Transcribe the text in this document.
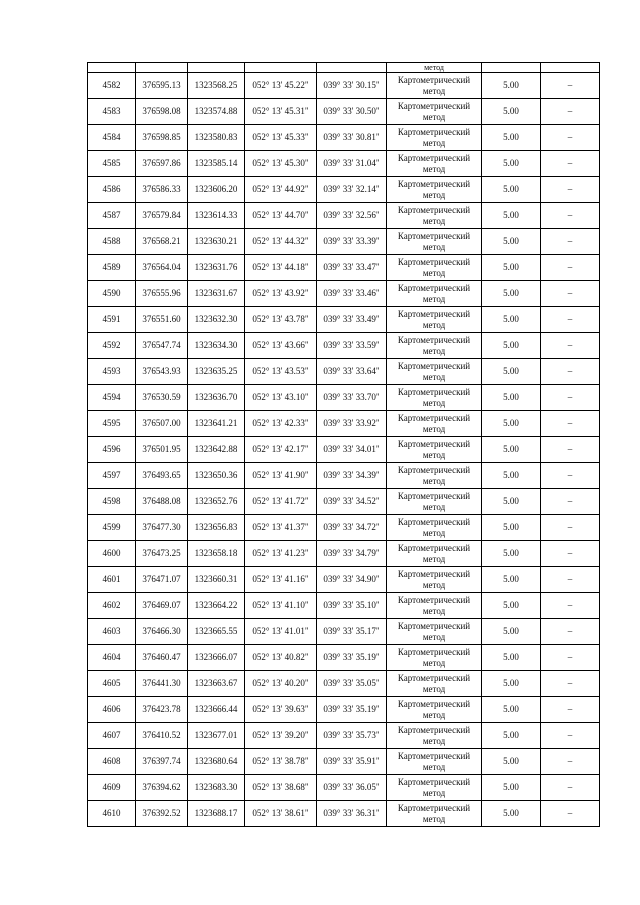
					метод		
4582	376595.13	1323568.25	052° 13' 45.22"	039° 33' 30.15"	Картометрический
метод	5.00	–
4583	376598.08	1323574.88	052° 13' 45.31"	039° 33' 30.50"	Картометрический
метод	5.00	–
4584	376598.85	1323580.83	052° 13' 45.33"	039° 33' 30.81"	Картометрический
метод	5.00	–
4585	376597.86	1323585.14	052° 13' 45.30"	039° 33' 31.04"	Картометрический
метод	5.00	–
4586	376586.33	1323606.20	052° 13' 44.92"	039° 33' 32.14"	Картометрический
метод	5.00	–
4587	376579.84	1323614.33	052° 13' 44.70"	039° 33' 32.56"	Картометрический
метод	5.00	–
4588	376568.21	1323630.21	052° 13' 44.32"	039° 33' 33.39"	Картометрический
метод	5.00	–
4589	376564.04	1323631.76	052° 13' 44.18"	039° 33' 33.47"	Картометрический
метод	5.00	–
4590	376555.96	1323631.67	052° 13' 43.92"	039° 33' 33.46"	Картометрический
метод	5.00	–
4591	376551.60	1323632.30	052° 13' 43.78"	039° 33' 33.49"	Картометрический
метод	5.00	–
4592	376547.74	1323634.30	052° 13' 43.66"	039° 33' 33.59"	Картометрический
метод	5.00	–
4593	376543.93	1323635.25	052° 13' 43.53"	039° 33' 33.64"	Картометрический
метод	5.00	–
4594	376530.59	1323636.70	052° 13' 43.10"	039° 33' 33.70"	Картометрический
метод	5.00	–
4595	376507.00	1323641.21	052° 13' 42.33"	039° 33' 33.92"	Картометрический
метод	5.00	–
4596	376501.95	1323642.88	052° 13' 42.17"	039° 33' 34.01"	Картометрический
метод	5.00	–
4597	376493.65	1323650.36	052° 13' 41.90"	039° 33' 34.39"	Картометрический
метод	5.00	–
4598	376488.08	1323652.76	052° 13' 41.72"	039° 33' 34.52"	Картометрический
метод	5.00	–
4599	376477.30	1323656.83	052° 13' 41.37"	039° 33' 34.72"	Картометрический
метод	5.00	–
4600	376473.25	1323658.18	052° 13' 41.23"	039° 33' 34.79"	Картометрический
метод	5.00	–
4601	376471.07	1323660.31	052° 13' 41.16"	039° 33' 34.90"	Картометрический
метод	5.00	–
4602	376469.07	1323664.22	052° 13' 41.10"	039° 33' 35.10"	Картометрический
метод	5.00	–
4603	376466.30	1323665.55	052° 13' 41.01"	039° 33' 35.17"	Картометрический
метод	5.00	–
4604	376460.47	1323666.07	052° 13' 40.82"	039° 33' 35.19"	Картометрический
метод	5.00	–
4605	376441.30	1323663.67	052° 13' 40.20"	039° 33' 35.05"	Картометрический
метод	5.00	–
4606	376423.78	1323666.44	052° 13' 39.63"	039° 33' 35.19"	Картометрический
метод	5.00	–
4607	376410.52	1323677.01	052° 13' 39.20"	039° 33' 35.73"	Картометрический
метод	5.00	–
4608	376397.74	1323680.64	052° 13' 38.78"	039° 33' 35.91"	Картометрический
метод	5.00	–
4609	376394.62	1323683.30	052° 13' 38.68"	039° 33' 36.05"	Картометрический
метод	5.00	–
4610	376392.52	1323688.17	052° 13' 38.61"	039° 33' 36.31"	Картометрический
метод	5.00	–
